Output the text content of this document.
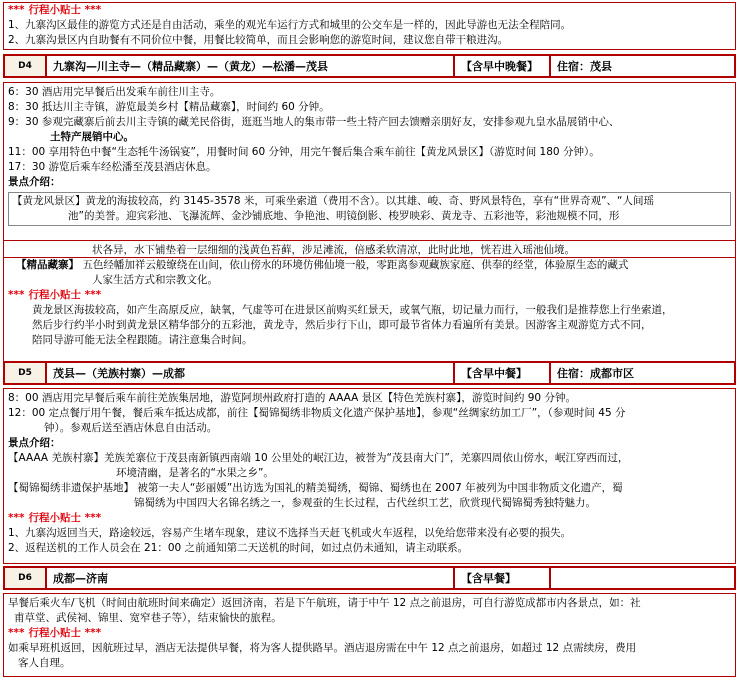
*** 行程小贴士 ***
1、九寨沟区最佳的游览方式还是自由活动，乘坐的观光车运行方式和城里的公交车是一样的，因此导游也无法全程陪同。
2、九寨沟景区内自助餐有不同价位中餐，用餐比较简单，而且会影响您的游览时间，建议您自带干粮进沟。
D4	九寨沟—川主寺—（精品藏寨）—（黄龙）—松潘—茂县	【含早中晚餐】	住宿：茂县
6：30 酒店用完早餐后出发乘车前往川主寺。
8：30 抵达川主寺镇，游览最美乡村【精品藏寨】，时间约 60 分钟。
9：30 参观完藏寨后前去川主寺镇的藏羌民俗街，逛逛当地人的集市带一些土特产回去馈赠亲朋好友，安排参观九皇水晶展销中心、
土特产展销中心。
11：00 享用特色中餐“生态牦牛汤锅宴”，用餐时间 60 分钟，用完午餐后集合乘车前往【黄龙风景区】（游览时间 180 分钟）。
17：30 游览后乘车经松潘至茂县酒店休息。
景点介绍：
【黄龙风景区】黄龙的海拔较高，约 3145-3578 米，可乘坐索道（费用不含）。以其雄、峻、奇、野风景特色，享有“世界奇观”、“人间瑶
池”的美誉。迎宾彩池、飞瀑流辉、金沙铺底地、争艳池、明镜倒影、梭罗映彩、黄龙寺、五彩池等，彩池规模不同，形
状各异，水下铺垫着一层细细的浅黄色苔藓，涉足滩流，倍感柔软清凉，此时此地，恍若进入瑶池仙境。
【精品藏寨】 五色经幡加祥云般缭绕在山间，依山傍水的环境仿佛仙境一般，零距离参观藏族家庭、供奉的经堂，体验原生态的藏式
人家生活方式和宗教文化。
*** 行程小贴士 ***
黄龙景区海拔较高，如产生高原反应，缺氧，气虚等可在进景区前购买红景天，或氧气瓶，切记量力而行，一般我们是推荐您上行坐索道，
然后步行约半小时到黄龙景区精华部分的五彩池，黄龙寺，然后步行下山，即可最节省体力看遍所有美景。因游客主观游览方式不同，
陪同导游可能无法全程跟随。请注意集合时间。
D5	茂县—（羌族村寨）—成都	【含早中餐】	住宿：成都市区
8：00 酒店用完早餐后乘车前往羌族集居地，游览阿坝州政府打造的 AAAA 景区【特色羌族村寨】，游览时间约 90 分钟。
12：00 定点餐厅用午餐，餐后乘车抵达成都，前往【蜀锦蜀绣非物质文化遗产保护基地】，参观“丝绸家纺加工厂”，（参观时间 45 分
钟）。参观后送至酒店休息自由活动。
景点介绍：
【AAAA 羌族村寨】羌族羌寨位于茂县南新镇西南端 10 公里处的岷江边，被誉为“茂县南大门”，羌寨四周依山傍水，岷江穿西而过，
环境清幽，是著名的“水果之乡”。
【蜀锦蜀绣非遗保护基地】 被第一夫人“彭丽媛”出访选为国礼的精美蜀绣，蜀锦、蜀绣也在 2007 年被列为中国非物质文化遗产，蜀
锦蜀绣为中国四大名锦名绣之一，参观蚕的生长过程，古代丝织工艺，欣赏现代蜀锦蜀秀独特魅力。
*** 行程小贴士 ***
1、九寨沟返回当天，路途较远，容易产生堵车现象，建议不选择当天赶飞机或火车返程，以免给您带来没有必要的损失。
2、返程送机的工作人员会在 21：00 之前通知第二天送机的时间，如过点仍未通知，请主动联系。
D6	成都—济南	【含早餐】
早餐后乘火车/飞机（时间由航班时间来确定）返回济南，若是下午航班，请于中午 12 点之前退房，可自行游览成都市内各景点，如：社
甫草堂、武侯祠、锦里、宽窄巷子等），结束愉快的旅程。
*** 行程小贴士 ***
如乘早班机返回，因航班过早，酒店无法提供早餐，将为客人提供路早。酒店退房需在中午 12 点之前退房，如超过 12 点需续房，费用
客人自理。
